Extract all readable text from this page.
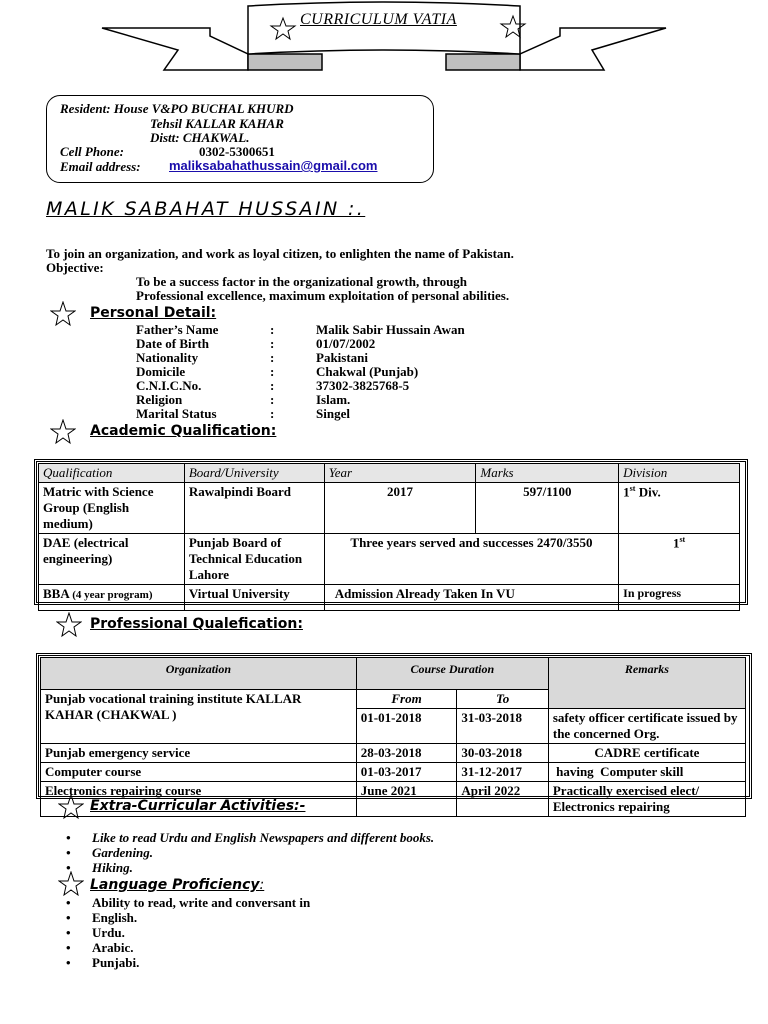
CURRICULUM VATIA
Resident: House V&PO BUCHAL KHURD
Tehsil KALLAR KAHAR
Distt: CHAKWAL.
Cell Phone:	0302-5300651
Email address: maliksabahathussain@gmail.com
MALIK SABAHAT HUSSAIN :.
To join an organization, and work as loyal citizen, to enlighten the name of Pakistan.
Objective:
To be a success factor in the organizational growth, through
Professional excellence, maximum exploitation of personal abilities.
Personal Detail:
Father’s Name	:	Malik Sabir Hussain Awan
Date of Birth	:	01/07/2002
Nationality	:	Pakistani
Domicile	:	Chakwal (Punjab)
C.N.I.C.No.	:	37302-3825768-5
Religion	:	Islam.
Marital Status	:	Singel
Academic Qualification:
Qualification	Board/University	Year	Marks	Division
Matric with Science Group (English medium)	Rawalpindi Board	2017	597/1100	1st Div.
DAE (electrical engineering)	Punjab Board of Technical Education Lahore	Three years served and successes 2470/3550		1st
BBA (4 year program)	Virtual University	Admission Already Taken In VU		In progress
Professional Qualefication:
Organization	Course Duration		Remarks
Punjab vocational training institute KALLAR KAHAR (CHAKWAL )	From	To	
	01-01-2018	31-03-2018	safety officer certificate issued by the concerned Org.
Punjab emergency service	28-03-2018	30-03-2018	CADRE certificate
Computer course	01-03-2017	31-12-2017	having  Computer skill
Electronics repairing course	June 2021	April 2022	Practically exercised elect/ Electronics repairing
Extra-Curricular Activities:-
• Like to read Urdu and English Newspapers and different books.
• Gardening.
• Hiking.
Language Proficiency:
• Ability to read, write and conversant in
• English.
• Urdu.
• Arabic.
• Punjabi.
